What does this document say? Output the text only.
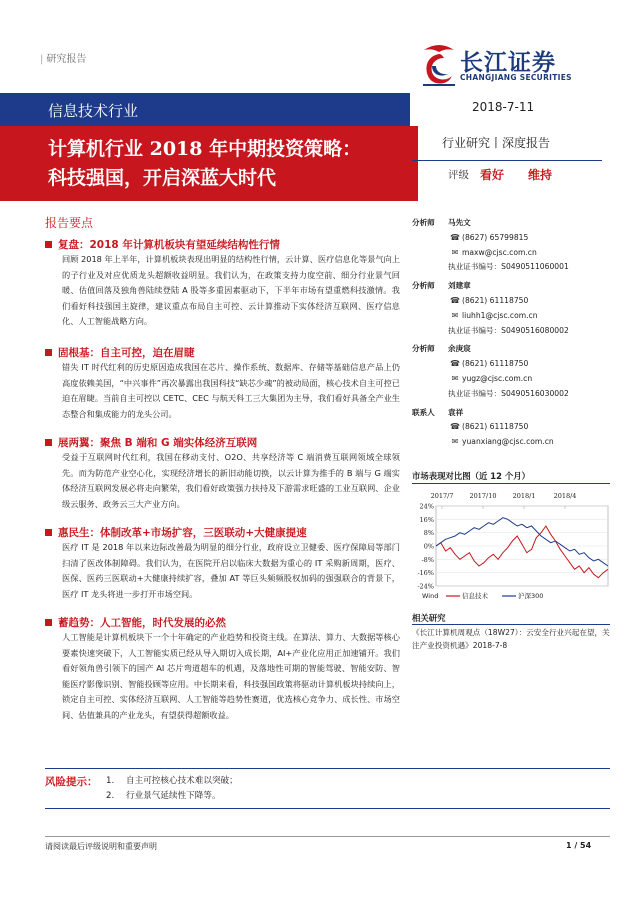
| 研究报告	长江证券
CHANGJIANG SECURITIES
信息技术行业	2018-7-11
计算机行业 2018 年中期投资策略：
科技强国，开启深蓝大时代
行业研究丨深度报告
评级 看好 维持
报告要点
复盘：2018 年计算机板块有望延续结构性行情
回顾 2018 年上半年，计算机板块表现出明显的结构性行情，云计算、医疗信息化等景气向上的子行业及对应优质龙头超额收益明显。我们认为，在政策支持力度空前、细分行业景气回暖、估值回落及独角兽陆续登陆 A 股等多重因素驱动下，下半年市场有望重燃科技激情。我们看好科技强国主旋律，建议重点布局自主可控、云计算推动下实体经济互联网、医疗信息化、人工智能战略方向。
固根基：自主可控，迫在眉睫
错失 IT 时代红利的历史原因造成我国在芯片、操作系统、数据库、存储等基础信息产品上仍高度依赖美国，“中兴事件”再次暴露出我国科技“缺芯少魂”的被动局面，核心技术自主可控已迫在眉睫。当前自主可控以 CETC、CEC 与航天科工三大集团为主导，我们看好具备全产业生态整合和集成能力的龙头公司。
展两翼：聚焦 B 端和 G 端实体经济互联网
受益于互联网时代红利，我国在移动支付、O2O、共享经济等 C 端消费互联网领域全球领先。而为防范产业空心化，实现经济增长的新旧动能切换，以云计算为推手的 B 端与 G 端实体经济互联网发展必将走向繁荣，我们看好政策强力扶持及下游需求旺盛的工业互联网、企业级云服务、政务云三大产业方向。
惠民生：体制改革+市场扩容，三医联动+大健康提速
医疗 IT 是 2018 年以来边际改善最为明显的细分行业，政府设立卫健委、医疗保障局等部门扫清了医改体制障碍。我们认为，在医院开启以临床大数据为重心的 IT 采购新周期，医疗、医保、医药三医联动+大健康持续扩容，叠加 AT 等巨头频频股权加码的强强联合的背景下，医疗 IT 龙头将进一步打开市场空间。
蓄趋势：人工智能，时代发展的必然
人工智能是计算机板块下一个十年确定的产业趋势和投资主线。在算法、算力、大数据等核心要素快速突破下，人工智能实质已经从导入期切入成长期，AI+产业化应用正加速铺开。我们看好领角兽引领下的国产 AI 芯片弯道超车的机遇，及落地性可期的智能驾驶、智能安防、智能医疗影像识别、智能投顾等应用。中长期来看，科技强国政策将驱动计算机板块持续向上，锁定自主可控、实体经济互联网、人工智能等趋势性赛道，优选核心竞争力、成长性、市场空间、估值兼具的产业龙头，有望获得超额收益。
分析师	马先文
☎ (8627) 65799815
✉ maxw@cjsc.com.cn
执业证书编号：S0490511060001
分析师	刘建章
☎ (8621) 61118750
✉ liuhh1@cjsc.com.cn
执业证书编号：S0490516080002
分析师	余庚宸
☎ (8621) 61118750
✉ yugz@cjsc.com.cn
执业证书编号：S0490516030002
联系人	袁祥
☎ (8621) 61118750
✉ yuanxiang@cjsc.com.cn
市场表现对比图（近 12 个月）
24%
16%
8%
0%
-8%
-16%
-24%
2017/7 2017/10 2018/1	2018/4
Wind	信息技术	沪深300
相关研究
《长江计算机周观点（18W27）：云安全行业兴起在望，关注产业投资机遇》2018-7-8
风险提示： 1. 自主可控核心技术难以突破；
2. 行业景气延续性下降等。
请阅读最后评级说明和重要声明	1 / 54
